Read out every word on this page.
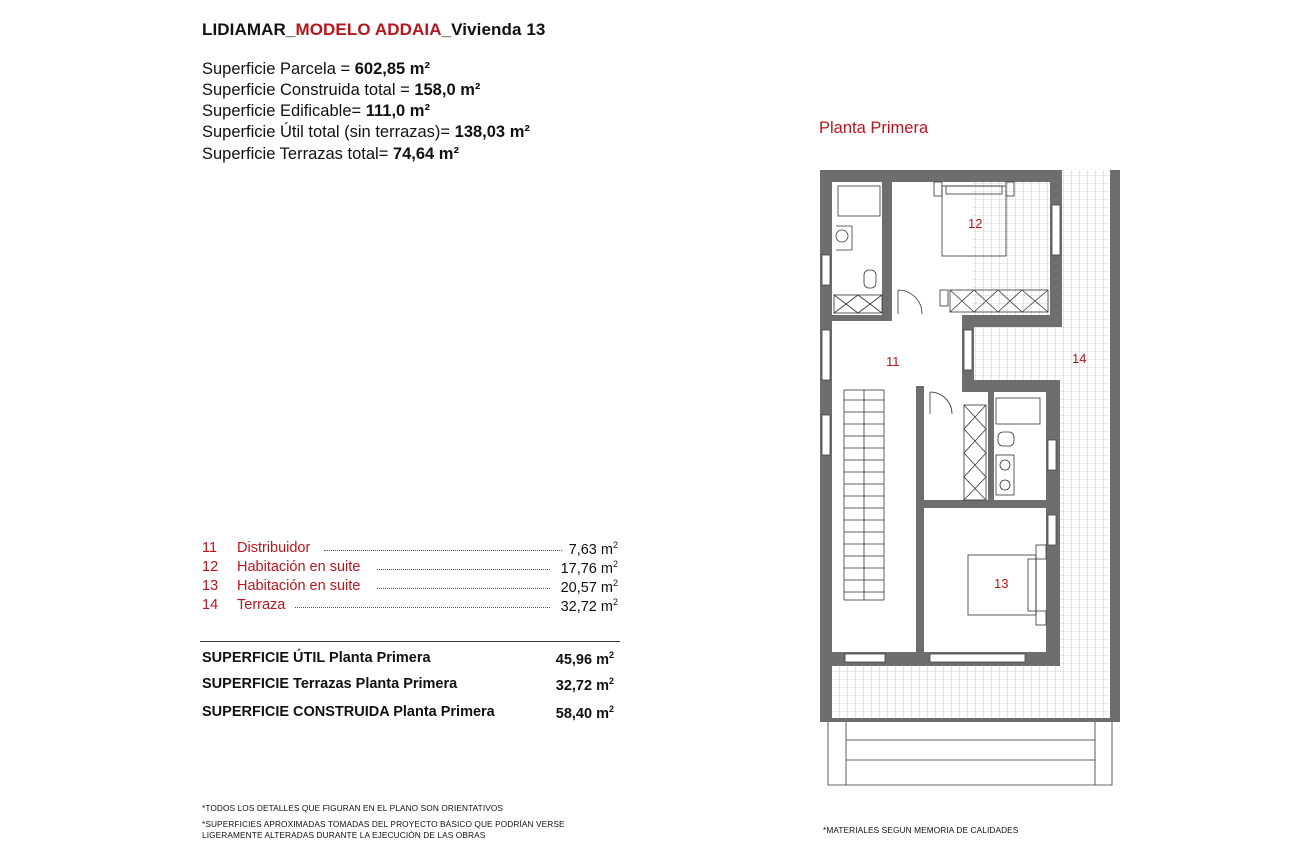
LIDIAMAR_MODELO ADDAIA_Vivienda 13
Superficie Parcela = 602,85 m²
Superficie Construida total = 158,0 m²
Superficie Edificable= 111,0 m²
Superficie Útil total (sin terrazas)= 138,03 m²
Superficie Terrazas total= 74,64 m²
Planta Primera
11 Distribuidor	7,63 $m^2$
12 Habitación en suite	17,76 $m^2$
13 Habitación en suite	20,57 $m^2$
14 Terraza	32,72 $m^2$
SUPERFICIE ÚTIL Planta Primera	45,96 $m^2$
SUPERFICIE Terrazas Planta Primera	32,72 $m^2$
SUPERFICIE CONSTRUIDA Planta Primera	58,40 $m^2$
*TODOS LOS DETALLES QUE FIGURAN EN EL PLANO SON ORIENTATIVOS
*SUPERFICIES APROXIMADAS TOMADAS DEL PROYECTO BÁSICO QUE PODRÍAN VERSE
LIGERAMENTE ALTERADAS DURANTE LA EJECUCIÓN DE LAS OBRAS	*MATERIALES SEGUN MEMORIA DE CALIDADES
12
11	14
13
